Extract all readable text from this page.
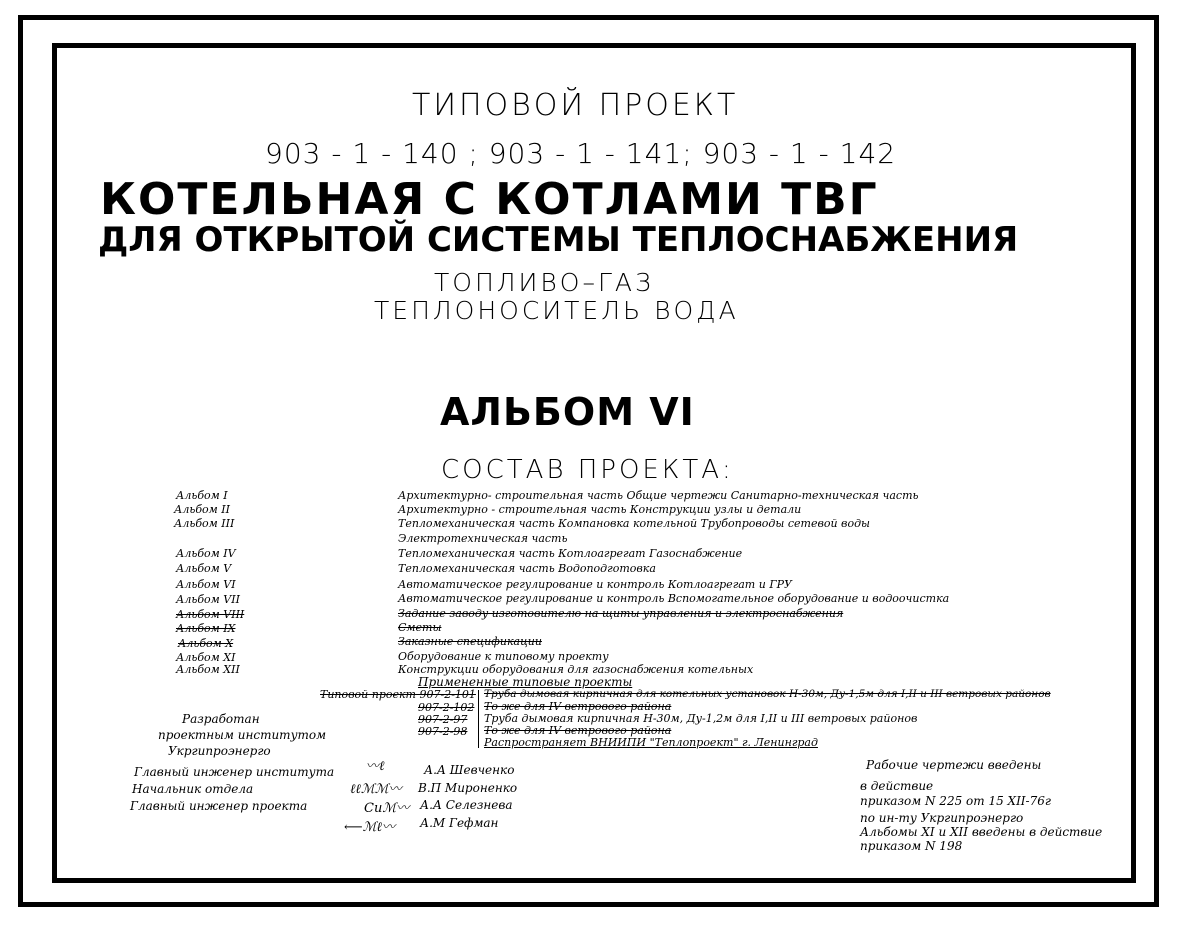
ТИПОВОЙ ПРОЕКТ
903 - 1 - 140 ; 903 - 1 - 141; 903 - 1 - 142
КОТЕЛЬНАЯ С КОТЛАМИ ТВГ
ДЛЯ ОТКРЫТОЙ СИСТЕМЫ ТЕПЛОСНАБЖЕНИЯ
ТОПЛИВО–ГАЗ
ТЕПЛОНОСИТЕЛЬ ВОДА
АЛЬБОМ VI
СОСТАВ ПРОЕКТА:
Альбом I	Архитектурно- строительная часть Общие чертежи Санитарно-техническая часть
Альбом II	Архитектурно - строительная часть Конструкции узлы и детали
Альбом III	Тепломеханическая часть Компановка котельной Трубопроводы сетевой воды
Электротехническая часть
Альбом IV	Тепломеханическая часть Котлоагрегат Газоснабжение
Альбом V	Тепломеханическая часть Водоподготовка
Альбом VI	Автоматическое регулирование и контроль Котлоагрегат и ГРУ
Альбом VII	Автоматическое регулирование и контроль Вспомогательное оборудование и водоочистка
Альбом VIII	Задание заводу изготовителю на щиты управления и электроснабжения
Альбом IX	Сметы
Альбом X	Заказные спецификации
Альбом XI	Оборудование к типовому проекту
Альбом XII	Конструкции оборудования для газоснабжения котельных
Примененные типовые проекты
Типовой проект 907-2-101 Труба дымовая кирпичная для котельных установок Н-30м, Ду-1,5м для I,II и III ветровых районов
907-2-102 То же для IV ветрового района
907-2-97 Труба дымовая кирпичная Н-30м, Ду-1,2м для I,II и III ветровых районов
907-2-98 То же для IV ветрового района
Распространяет ВНИИПИ "Теплопроект" г. Ленинград
Разработан
проектным институтом
Укргипроэнерго
Главный инженер института
Начальник отдела
Главный инженер проекта
〰ℓ
ℓℓℳℳ〰
Сиℳ〰
⟵ℳℓ〰
А.А Шевченко
В.П Мироненко
А.А Селезнева
А.М Гефман
Рабочие чертежи введены
в действие
приказом N 225 от 15 XII-76г
по ин-ту Укргипроэнерго
Альбомы XI и XII введены в действие
приказом N 198
